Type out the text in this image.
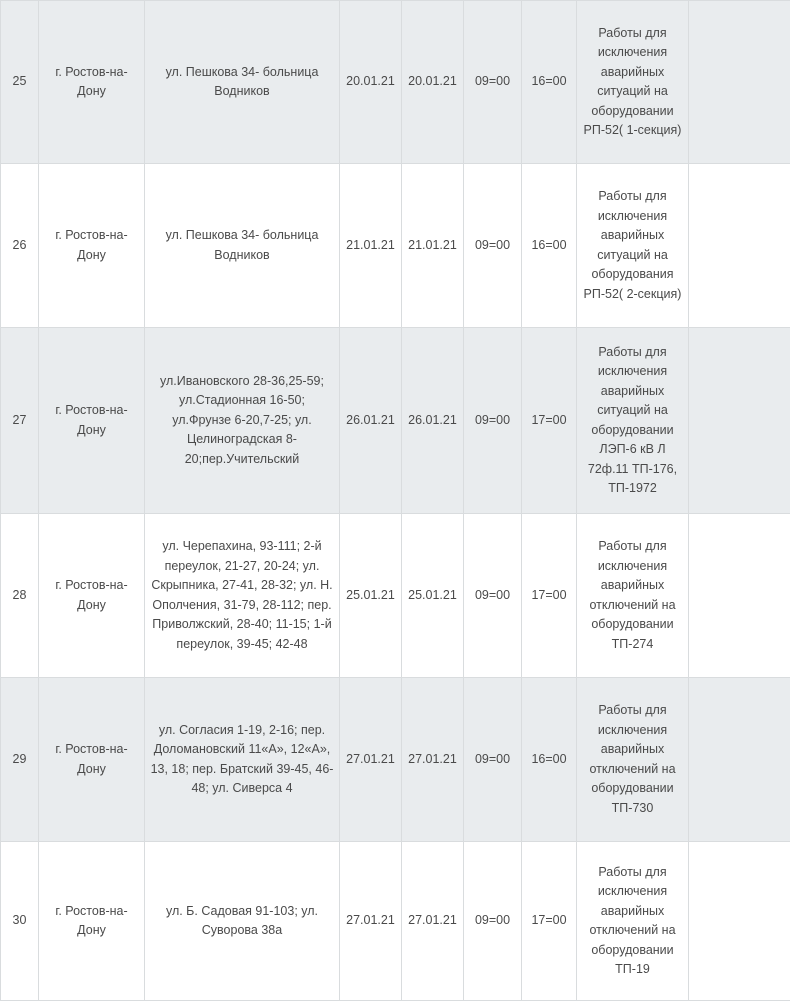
25	г. Ростов-на-Дону	ул. Пешкова 34- больница Водников	20.01.21	20.01.21	09=00	16=00	Работы для исключения аварийных ситуаций на оборудовании РП-52( 1-секция)	
26	г. Ростов-на-Дону	ул. Пешкова 34- больница Водников	21.01.21	21.01.21	09=00	16=00	Работы для исключения аварийных ситуаций на оборудования РП-52( 2-секция)	
27	г. Ростов-на-Дону	ул.Ивановского 28-36,25-59; ул.Стадионная 16-50; ул.Фрунзе 6-20,7-25; ул. Целиноградская 8-20;пер.Учительский	26.01.21	26.01.21	09=00	17=00	Работы для исключения аварийных ситуаций на оборудовании ЛЭП-6 кВ Л 72ф.11 ТП-176, ТП-1972	
28	г. Ростов-на-Дону	ул. Черепахина, 93-111; 2-й переулок, 21-27, 20-24; ул. Скрыпника, 27-41, 28-32; ул. Н. Ополчения, 31-79, 28-112; пер. Приволжский, 28-40; 11-15; 1-й переулок, 39-45; 42-48	25.01.21	25.01.21	09=00	17=00	Работы для исключения аварийных отключений на оборудовании ТП-274	
29	г. Ростов-на-Дону	ул. Согласия 1-19, 2-16; пер. Доломановский 11«А», 12«А», 13, 18; пер. Братский 39-45, 46-48; ул. Сиверса 4	27.01.21	27.01.21	09=00	16=00	Работы для исключения аварийных отключений на оборудовании ТП-730	
30	г. Ростов-на-Дону	ул. Б. Садовая 91-103; ул. Суворова 38а	27.01.21	27.01.21	09=00	17=00	Работы для исключения аварийных отключений на оборудовании ТП-19	
